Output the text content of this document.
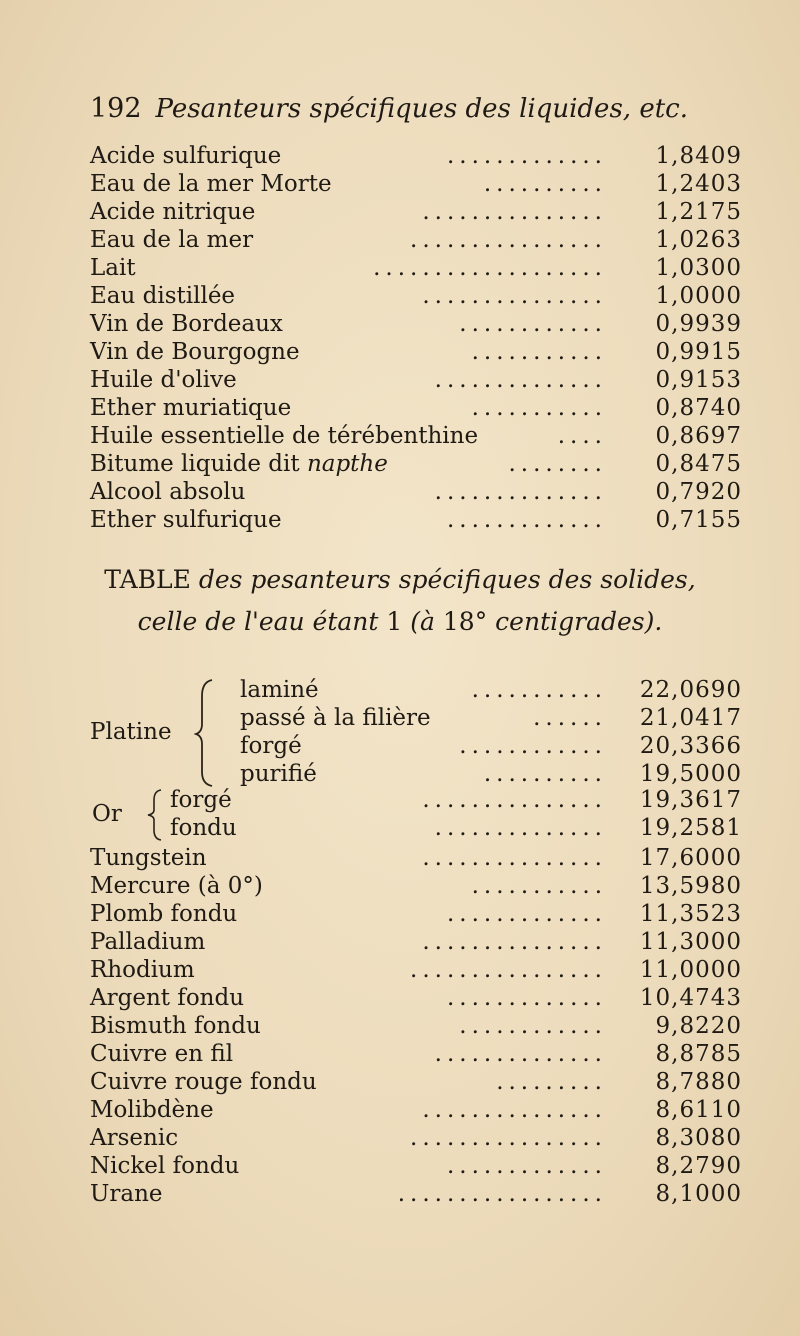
192 Pesanteurs spécifiques des liquides, etc.
Acide sulfurique	............. 1,8409
Eau de la mer Morte	.......... 1,2403
Acide nitrique	............... 1,2175
Eau de la mer	................ 1,0263
Lait	................... 1,0300
Eau distillée	............... 1,0000
Vin de Bordeaux	............ 0,9939
Vin de Bourgogne	........... 0,9915
Huile d'olive	.............. 0,9153
Ether muriatique	........... 0,8740
Huile essentielle de térébenthine	.... 0,8697
Bitume liquide dit napthe	........ 0,8475
Alcool absolu	.............. 0,7920
Ether sulfurique	............. 0,7155
TABLE des pesanteurs spécifiques des solides,
celle de l'eau étant 1 (à 18° centigrades).
Platine
laminé	........... 22,0690
passé à la filière	...... 21,0417
forgé	............ 20,3366
purifié	.......... 19,5000
Or
forgé	............... 19,3617
fondu	.............. 19,2581
Tungstein	............... 17,6000
Mercure (à 0°)	........... 13,5980
Plomb fondu	............. 11,3523
Palladium	............... 11,3000
Rhodium	................ 11,0000
Argent fondu	............. 10,4743
Bismuth fondu	............ 9,8220
Cuivre en fil	.............. 8,8785
Cuivre rouge fondu	......... 8,7880
Molibdène	............... 8,6110
Arsenic	................ 8,3080
Nickel fondu	............. 8,2790
Urane	................. 8,1000
